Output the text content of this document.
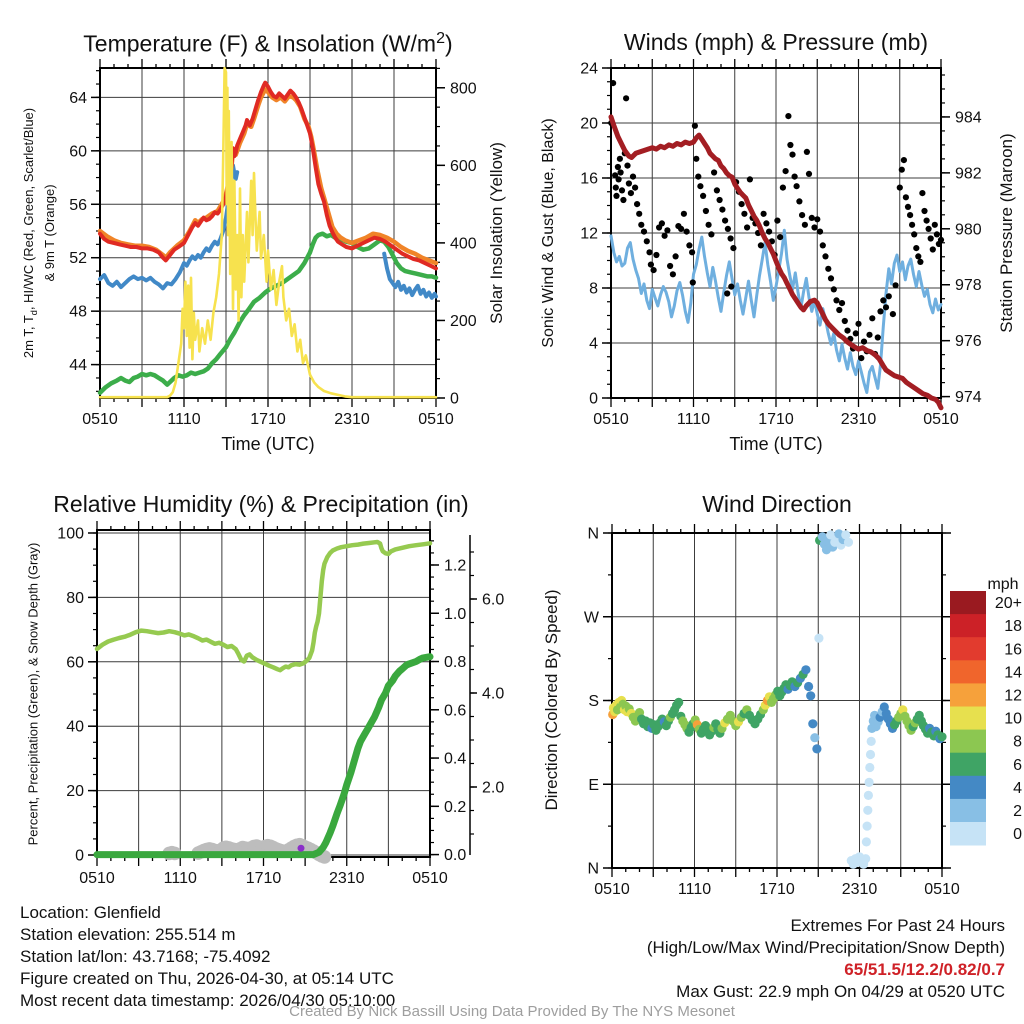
0510	1110	1710	2310	0510
44
48
52
56
60
64
0
200
400
600
800
0510	1110	1710	2310	0510
0
4
8
12
16
20
24
974
976
978
980
982
984
0510	1110	1710	2310	0510
0
20
40
60
80
100
0.0
0.2
0.4
0.6
0.8
1.0
1.2
2.0
4.0
6.0
0510	1110	1710	2310	0510
N
W
S
E
N
20+
18
16
14
12
10
8
6
4
2
0
Temperature (F) & Insolation $(W/m^2)$	Winds (mph) & Pressure (mb)
Relative Humidity (%) & Precipitation (in)	Wind Direction
Time (UTC)	Time (UTC)
2m T, $T_d$, HI/WC (Red, Green, Scarlet/Blue) & 9m T (Orange)	Solar Insolation (Yellow) Sonic Wind & Gust (Blue, Black)	Station Pressure (Maroon)
Percent, Precipitation (Green), & Snow Depth (Gray)	Direction (Colored By Speed)
mph
Location: Glenfield
Station elevation: 255.514 m
Station lat/lon: 43.7168; -75.4092
Figure created on Thu, 2026-04-30, at 05:14 UTC
Most recent data timestamp: 2026/04/30 05:10:00
Extremes For Past 24 Hours
(High/Low/Max Wind/Precipitation/Snow Depth)
65/51.5/12.2/0.82/0.7
Max Gust: 22.9 mph On 04/29 at 0520 UTC
Created By Nick Bassill Using Data Provided By The NYS Mesonet
